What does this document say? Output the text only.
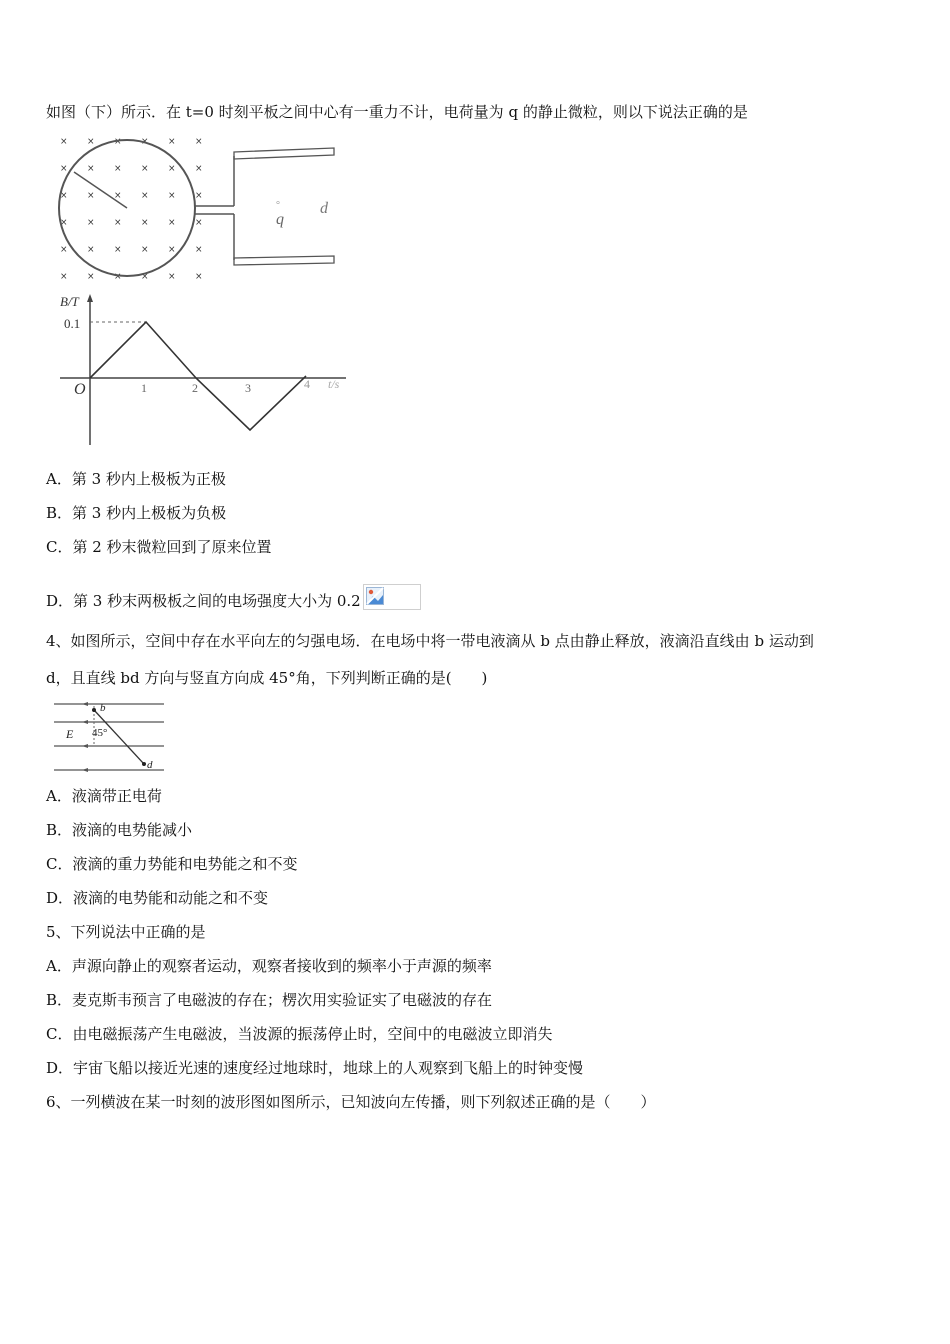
如图（下）所示．在 t=0 时刻平板之间中心有一重力不计，电荷量为 q 的静止微粒，则以下说法正确的是
× × × × × ×
× × × × × ×
× × × × × ×
× × × × × ×
× × × × × ×
× × × × × ×
q
°	d
B/T
0.1
O	1	2	3	4 t/s
A．第 3 秒内上极板为正极
B．第 3 秒内上极板为负极
C．第 2 秒末微粒回到了原来位置
D．第 3 秒末两极板之间的电场强度大小为 0.2
4、如图所示，空间中存在水平向左的匀强电场．在电场中将一带电液滴从 b 点由静止释放，液滴沿直线由 b 运动到
d，且直线 bd 方向与竖直方向成 45°角，下列判断正确的是(　　)
b
d
E 45°
A．液滴带正电荷
B．液滴的电势能减小
C．液滴的重力势能和电势能之和不变
D．液滴的电势能和动能之和不变
5、下列说法中正确的是
A．声源向静止的观察者运动，观察者接收到的频率小于声源的频率
B．麦克斯韦预言了电磁波的存在；楞次用实验证实了电磁波的存在
C．由电磁振荡产生电磁波，当波源的振荡停止时，空间中的电磁波立即消失
D．宇宙飞船以接近光速的速度经过地球时，地球上的人观察到飞船上的时钟变慢
6、一列横波在某一时刻的波形图如图所示，已知波向左传播，则下列叙述正确的是（　　）
